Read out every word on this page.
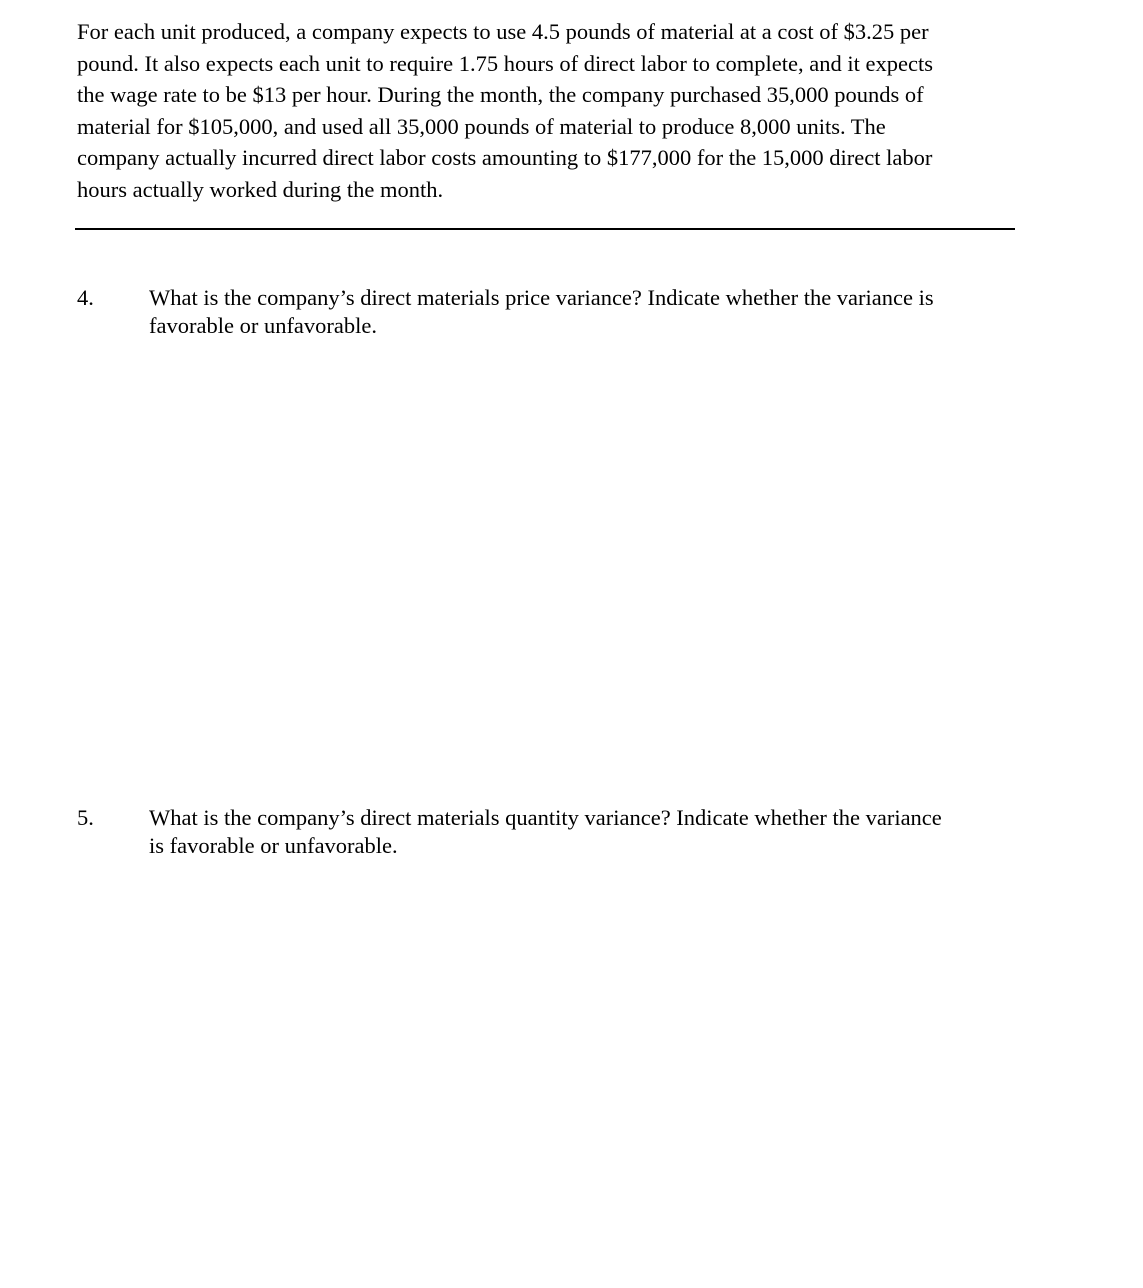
For each unit produced, a company expects to use 4.5 pounds of material at a cost of $3.25 per
pound. It also expects each unit to require 1.75 hours of direct labor to complete, and it expects
the wage rate to be $13 per hour. During the month, the company purchased 35,000 pounds of
material for $105,000, and used all 35,000 pounds of material to produce 8,000 units. The
company actually incurred direct labor costs amounting to $177,000 for the 15,000 direct labor
hours actually worked during the month.

4. What is the company’s direct materials price variance? Indicate whether the variance is
favorable or unfavorable.
5. What is the company’s direct materials quantity variance? Indicate whether the variance
is favorable or unfavorable.
